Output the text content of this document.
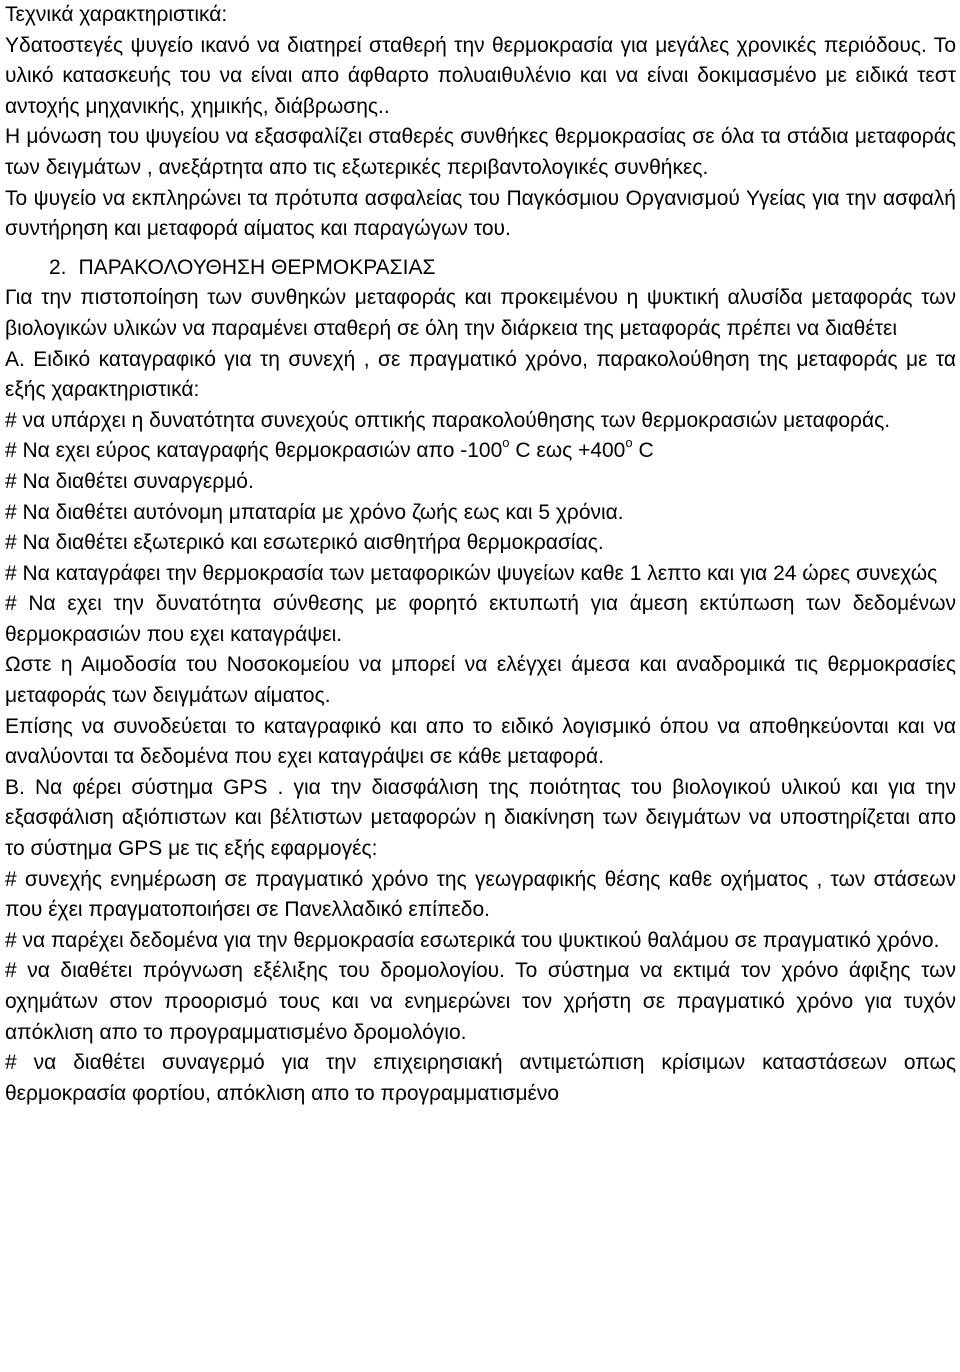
Τεχνικά χαρακτηριστικά:

Υδατοστεγές ψυγείο ικανό να διατηρεί σταθερή την θερμοκρασία για μεγάλες χρονικές περιόδους. Το υλικό κατασκευής του να είναι απο άφθαρτο πολυαιθυλένιο και να είναι δοκιμασμένο με ειδικά τεστ αντοχής μηχανικής, χημικής, διάβρωσης..

Η μόνωση του ψυγείου να εξασφαλίζει σταθερές συνθήκες θερμοκρασίας σε όλα τα στάδια μεταφοράς των δειγμάτων , ανεξάρτητα απο τις εξωτερικές περιβαντολογικές συνθήκες.

Το ψυγείο να εκπληρώνει τα πρότυπα ασφαλείας του Παγκόσμιου Οργανισμού Υγείας για την ασφαλή συντήρηση και μεταφορά αίματος και παραγώγων του.

2. ΠΑΡΑΚΟΛΟΥΘΗΣΗ ΘΕΡΜΟΚΡΑΣΙΑΣ

Για την πιστοποίηση των συνθηκών μεταφοράς και προκειμένου η ψυκτική αλυσίδα μεταφοράς των βιολογικών υλικών να παραμένει σταθερή σε όλη την διάρκεια της μεταφοράς πρέπει να διαθέτει

Α. Ειδικό καταγραφικό για τη συνεχή , σε πραγματικό χρόνο, παρακολούθηση της μεταφοράς με τα εξής χαρακτηριστικά:

# να υπάρχει η δυνατότητα συνεχούς οπτικής παρακολούθησης των θερμοκρασιών μεταφοράς.

# Να εχει εύρος καταγραφής θερμοκρασιών απο -100$^o$ C $\varepsilon\omega\varsigma +400^o$ C

# Να διαθέτει συναργερμό.

# Να διαθέτει αυτόνομη μπαταρία με χρόνο ζωής εως και 5 χρόνια.

# Να διαθέτει εξωτερικό και εσωτερικό αισθητήρα θερμοκρασίας.

# Να καταγράφει την θερμοκρασία των μεταφορικών ψυγείων καθε 1 λεπτο και για 24 ώρες συνεχώς

# Να εχει την δυνατότητα σύνθεσης με φορητό εκτυπωτή για άμεση εκτύπωση των δεδομένων θερμοκρασιών που εχει καταγράψει.

Ωστε η Αιμοδοσία του Νοσοκομείου να μπορεί να ελέγχει άμεσα και αναδρομικά τις θερμοκρασίες μεταφοράς των δειγμάτων αίματος.

Επίσης να συνοδεύεται το καταγραφικό και απο το ειδικό λογισμικό όπου να αποθηκεύονται και να αναλύονται τα δεδομένα που εχει καταγράψει σε κάθε μεταφορά.

Β. Να φέρει σύστημα GPS . για την διασφάλιση της ποιότητας του βιολογικού υλικού και για την εξασφάλιση αξιόπιστων και βέλτιστων μεταφορών η διακίνηση των δειγμάτων να υποστηρίζεται απο το σύστημα GPS με τις εξής εφαρμογές:

# συνεχής ενημέρωση σε πραγματικό χρόνο της γεωγραφικής θέσης καθε οχήματος , των στάσεων που έχει πραγματοποιήσει σε Πανελλαδικό επίπεδο.

# να παρέχει δεδομένα για την θερμοκρασία εσωτερικά του ψυκτικού θαλάμου σε πραγματικό χρόνο.

# να διαθέτει πρόγνωση εξέλιξης του δρομολογίου. Το σύστημα να εκτιμά τον χρόνο άφιξης των οχημάτων στον προορισμό τους και να ενημερώνει τον χρήστη σε πραγματικό χρόνο για τυχόν απόκλιση απο το προγραμματισμένο δρομολόγιο.

# να διαθέτει συναγερμό για την επιχειρησιακή αντιμετώπιση κρίσιμων καταστάσεων οπως θερμοκρασία φορτίου, απόκλιση απο το προγραμματισμένο
